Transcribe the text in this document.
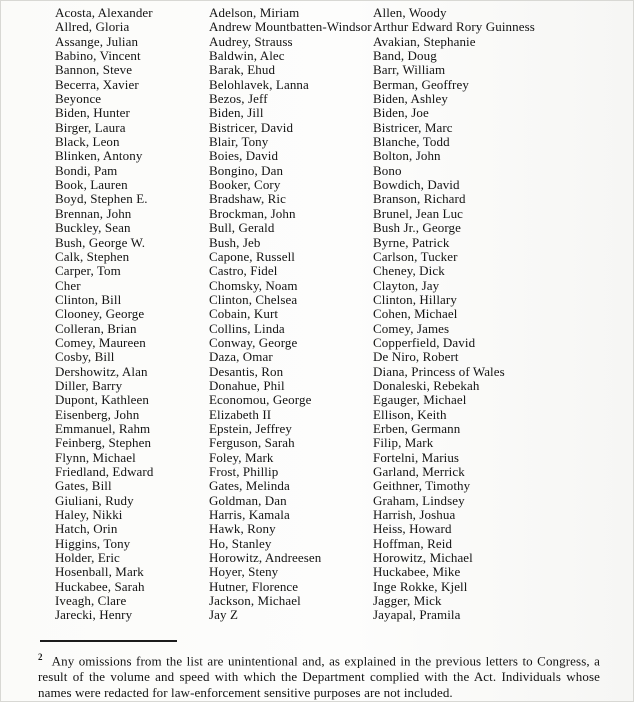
Acosta, Alexander
Allred, Gloria
Assange, Julian
Babino, Vincent
Bannon, Steve
Becerra, Xavier
Beyonce
Biden, Hunter
Birger, Laura
Black, Leon
Blinken, Antony
Bondi, Pam
Book, Lauren
Boyd, Stephen E.
Brennan, John
Buckley, Sean
Bush, George W.
Calk, Stephen
Carper, Tom
Cher
Clinton, Bill
Clooney, George
Colleran, Brian
Comey, Maureen
Cosby, Bill
Dershowitz, Alan
Diller, Barry
Dupont, Kathleen
Eisenberg, John
Emmanuel, Rahm
Feinberg, Stephen
Flynn, Michael
Friedland, Edward
Gates, Bill
Giuliani, Rudy
Haley, Nikki
Hatch, Orin
Higgins, Tony
Holder, Eric
Hosenball, Mark
Huckabee, Sarah
Iveagh, Clare
Jarecki, Henry
Adelson, Miriam
Andrew Mountbatten-Windsor
Audrey, Strauss
Baldwin, Alec
Barak, Ehud
Belohlavek, Lanna
Bezos, Jeff
Biden, Jill
Bistricer, David
Blair, Tony
Boies, David
Bongino, Dan
Booker, Cory
Bradshaw, Ric
Brockman, John
Bull, Gerald
Bush, Jeb
Capone, Russell
Castro, Fidel
Chomsky, Noam
Clinton, Chelsea
Cobain, Kurt
Collins, Linda
Conway, George
Daza, Omar
Desantis, Ron
Donahue, Phil
Economou, George
Elizabeth II
Epstein, Jeffrey
Ferguson, Sarah
Foley, Mark
Frost, Phillip
Gates, Melinda
Goldman, Dan
Harris, Kamala
Hawk, Rony
Ho, Stanley
Horowitz, Andreesen
Hoyer, Steny
Hutner, Florence
Jackson, Michael
Jay Z
Allen, Woody
Arthur Edward Rory Guinness
Avakian, Stephanie
Band, Doug
Barr, William
Berman, Geoffrey
Biden, Ashley
Biden, Joe
Bistricer, Marc
Blanche, Todd
Bolton, John
Bono
Bowdich, David
Branson, Richard
Brunel, Jean Luc
Bush Jr., George
Byrne, Patrick
Carlson, Tucker
Cheney, Dick
Clayton, Jay
Clinton, Hillary
Cohen, Michael
Comey, James
Copperfield, David
De Niro, Robert
Diana, Princess of Wales
Donaleski, Rebekah
Egauger, Michael
Ellison, Keith
Erben, Germann
Filip, Mark
Fortelni, Marius
Garland, Merrick
Geithner, Timothy
Graham, Lindsey
Harrish, Joshua
Heiss, Howard
Hoffman, Reid
Horowitz, Michael
Huckabee, Mike
Inge Rokke, Kjell
Jagger, Mick
Jayapal, Pramila

$^2$ Any omissions from the list are unintentional and, as explained in the previous letters to Congress, a result of the volume and speed with which the Department complied with the Act. Individuals whose names were redacted for law-enforcement sensitive purposes are not included.
